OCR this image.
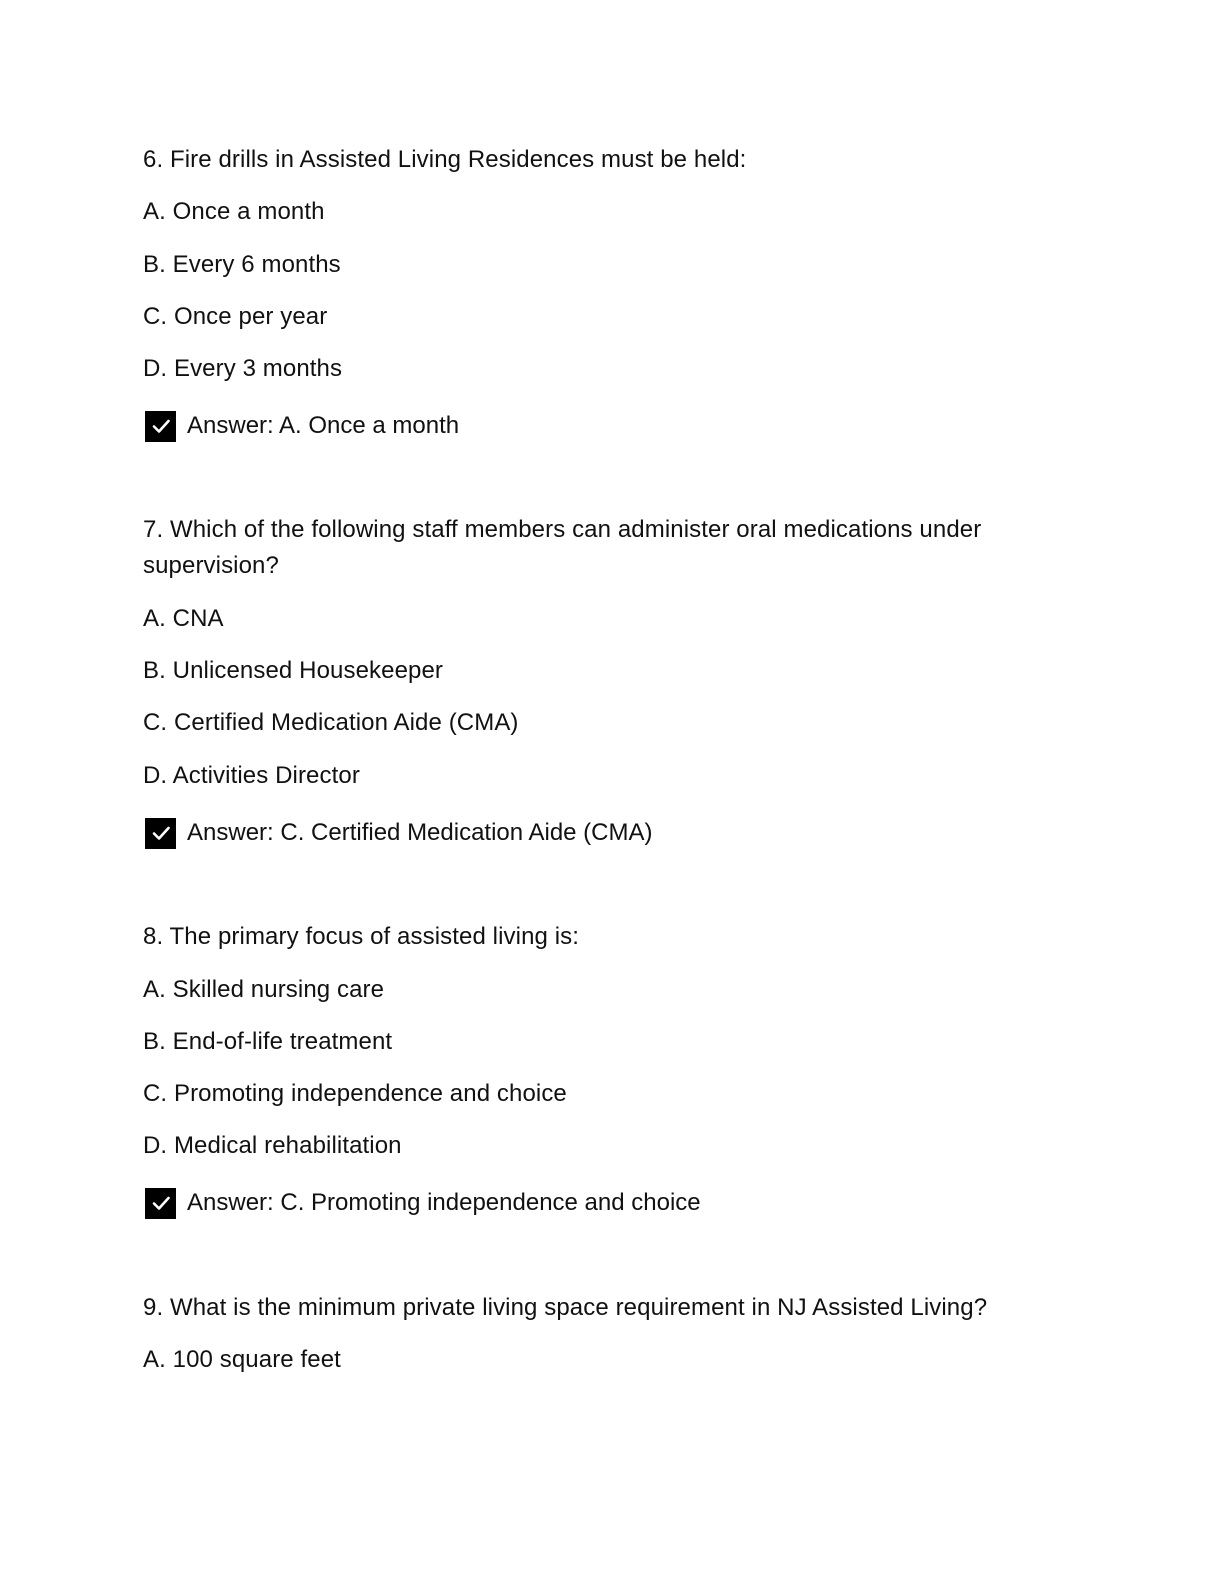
6. Fire drills in Assisted Living Residences must be held:
A. Once a month
B. Every 6 months
C. Once per year
D. Every 3 months
Answer: A. Once a month
7. Which of the following staff members can administer oral medications under supervision?
A. CNA
B. Unlicensed Housekeeper
C. Certified Medication Aide (CMA)
D. Activities Director
Answer: C. Certified Medication Aide (CMA)
8. The primary focus of assisted living is:
A. Skilled nursing care
B. End-of-life treatment
C. Promoting independence and choice
D. Medical rehabilitation
Answer: C. Promoting independence and choice
9. What is the minimum private living space requirement in NJ Assisted Living?
A. 100 square feet
